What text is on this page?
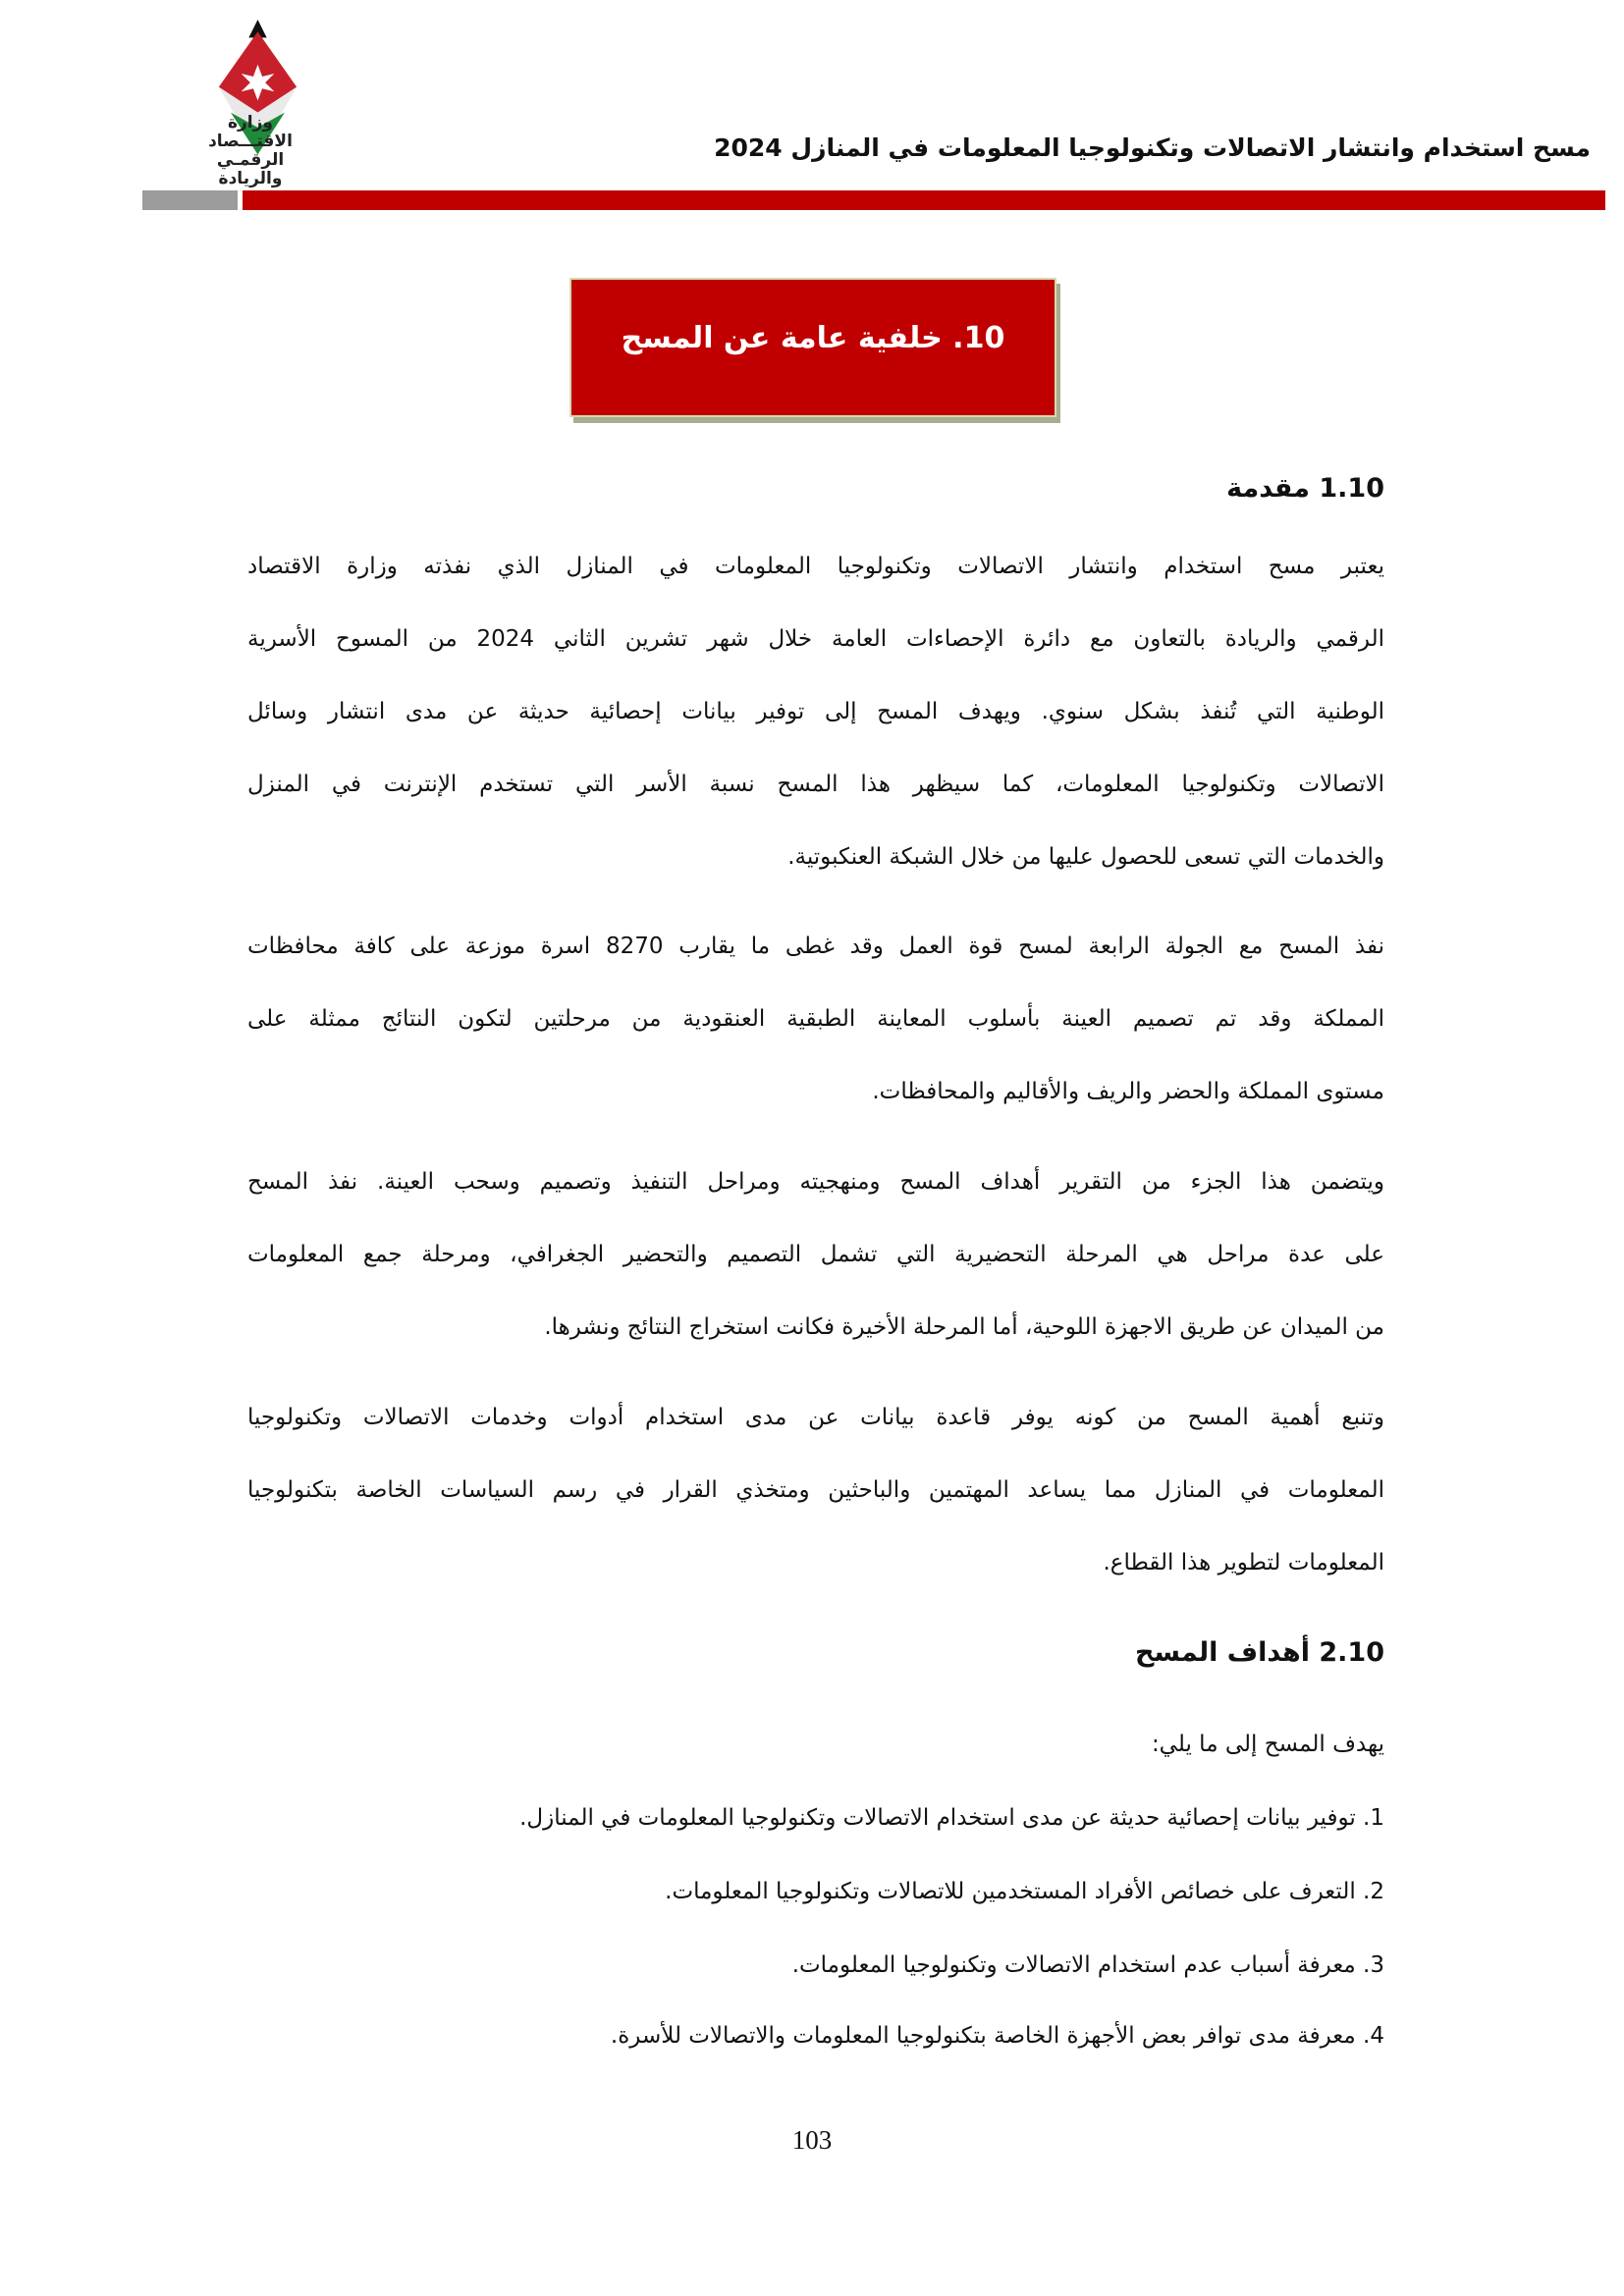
وزارة الاقتـــصاد
الرقمـي والريادة
مسح استخدام وانتشار الاتصالات وتكنولوجيا المعلومات في المنازل 2024
10. خلفية عامة عن المسح
1.10 مقدمة
يعتبر مسح استخدام وانتشار الاتصالات وتكنولوجيا المعلومات في المنازل الذي نفذته وزارة الاقتصاد
الرقمي والريادة بالتعاون مع دائرة الإحصاءات العامة خلال شهر تشرين الثاني 2024 من المسوح الأسرية
الوطنية التي تُنفذ بشكل سنوي. ويهدف المسح إلى توفير بيانات إحصائية حديثة عن مدى انتشار وسائل
الاتصالات وتكنولوجيا المعلومات، كما سيظهر هذا المسح نسبة الأسر التي تستخدم الإنترنت في المنزل
والخدمات التي تسعى للحصول عليها من خلال الشبكة العنكبوتية.
نفذ المسح مع الجولة الرابعة لمسح قوة العمل وقد غطى ما يقارب 8270 اسرة موزعة على كافة محافظات
المملكة وقد تم تصميم العينة بأسلوب المعاينة الطبقية العنقودية من مرحلتين لتكون النتائج ممثلة على
مستوى المملكة والحضر والريف والأقاليم والمحافظات.
ويتضمن هذا الجزء من التقرير أهداف المسح ومنهجيته ومراحل التنفيذ وتصميم وسحب العينة. نفذ المسح
على عدة مراحل هي المرحلة التحضيرية التي تشمل التصميم والتحضير الجغرافي، ومرحلة جمع المعلومات
من الميدان عن طريق الاجهزة اللوحية، أما المرحلة الأخيرة فكانت استخراج النتائج ونشرها.
وتنبع أهمية المسح من كونه يوفر قاعدة بيانات عن مدى استخدام أدوات وخدمات الاتصالات وتكنولوجيا
المعلومات في المنازل مما يساعد المهتمين والباحثين ومتخذي القرار في رسم السياسات الخاصة بتكنولوجيا
المعلومات لتطوير هذا القطاع.
2.10 أهداف المسح
يهدف المسح إلى ما يلي:
1. توفير بيانات إحصائية حديثة عن مدى استخدام الاتصالات وتكنولوجيا المعلومات في المنازل.
2. التعرف على خصائص الأفراد المستخدمين للاتصالات وتكنولوجيا المعلومات.
3. معرفة أسباب عدم استخدام الاتصالات وتكنولوجيا المعلومات.
4. معرفة مدى توافر بعض الأجهزة الخاصة بتكنولوجيا المعلومات والاتصالات للأسرة.
103
